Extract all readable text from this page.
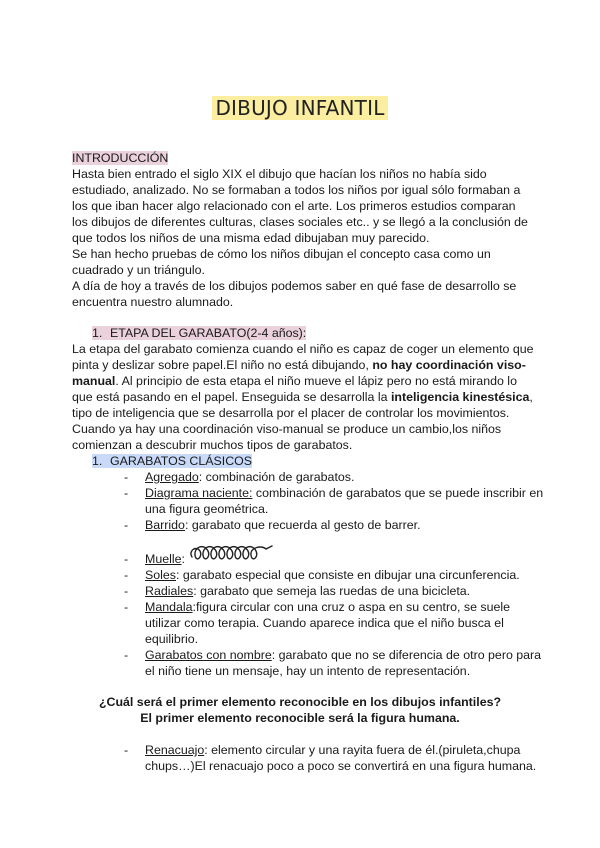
DIBUJO INFANTIL

INTRODUCCIÓN

Hasta bien entrado el siglo XIX el dibujo que hacían los niños no había sido estudiado, analizado. No se formaban a todos los niños por igual sólo formaban a los que iban hacer algo relacionado con el arte. Los primeros estudios comparan los dibujos de diferentes culturas, clases sociales etc.. y se llegó a la conclusión de que todos los niños de una misma edad dibujaban muy parecido.

Se han hecho pruebas de cómo los niños dibujan el concepto casa como un cuadrado y un triángulo.

A día de hoy a través de los dibujos podemos saber en qué fase de desarrollo se encuentra nuestro alumnado.

1. ETAPA DEL GARABATO(2-4 años):

La etapa del garabato comienza cuando el niño es capaz de coger un elemento que pinta y deslizar sobre papel.El niño no está dibujando, no hay coordinación viso-manual. Al principio de esta etapa el niño mueve el lápiz pero no está mirando lo que está pasando en el papel. Enseguida se desarrolla la inteligencia kinestésica, tipo de inteligencia que se desarrolla por el placer de controlar los movimientos. Cuando ya hay una coordinación viso-manual se produce un cambio,los niños comienzan a descubrir muchos tipos de garabatos.

1. GARABATOS CLÁSICOS
- Agregado: combinación de garabatos.
- Diagrama naciente: combinación de garabatos que se puede inscribir en una figura geométrica.
- Barrido: garabato que recuerda al gesto de barrer.
- Muelle:
- Soles: garabato especial que consiste en dibujar una circunferencia.
- Radiales: garabato que semeja las ruedas de una bicicleta.
- Mandala:figura circular con una cruz o aspa en su centro, se suele utilizar como terapia. Cuando aparece indica que el niño busca el equilibrio.
- Garabatos con nombre: garabato que no se diferencia de otro pero para el niño tiene un mensaje, hay un intento de representación.
¿Cuál será el primer elemento reconocible en los dibujos infantiles?
El primer elemento reconocible será la figura humana.
- Renacuajo: elemento circular y una rayita fuera de él.(piruleta,chupa chups…)El renacuajo poco a poco se convertirá en una figura humana.
